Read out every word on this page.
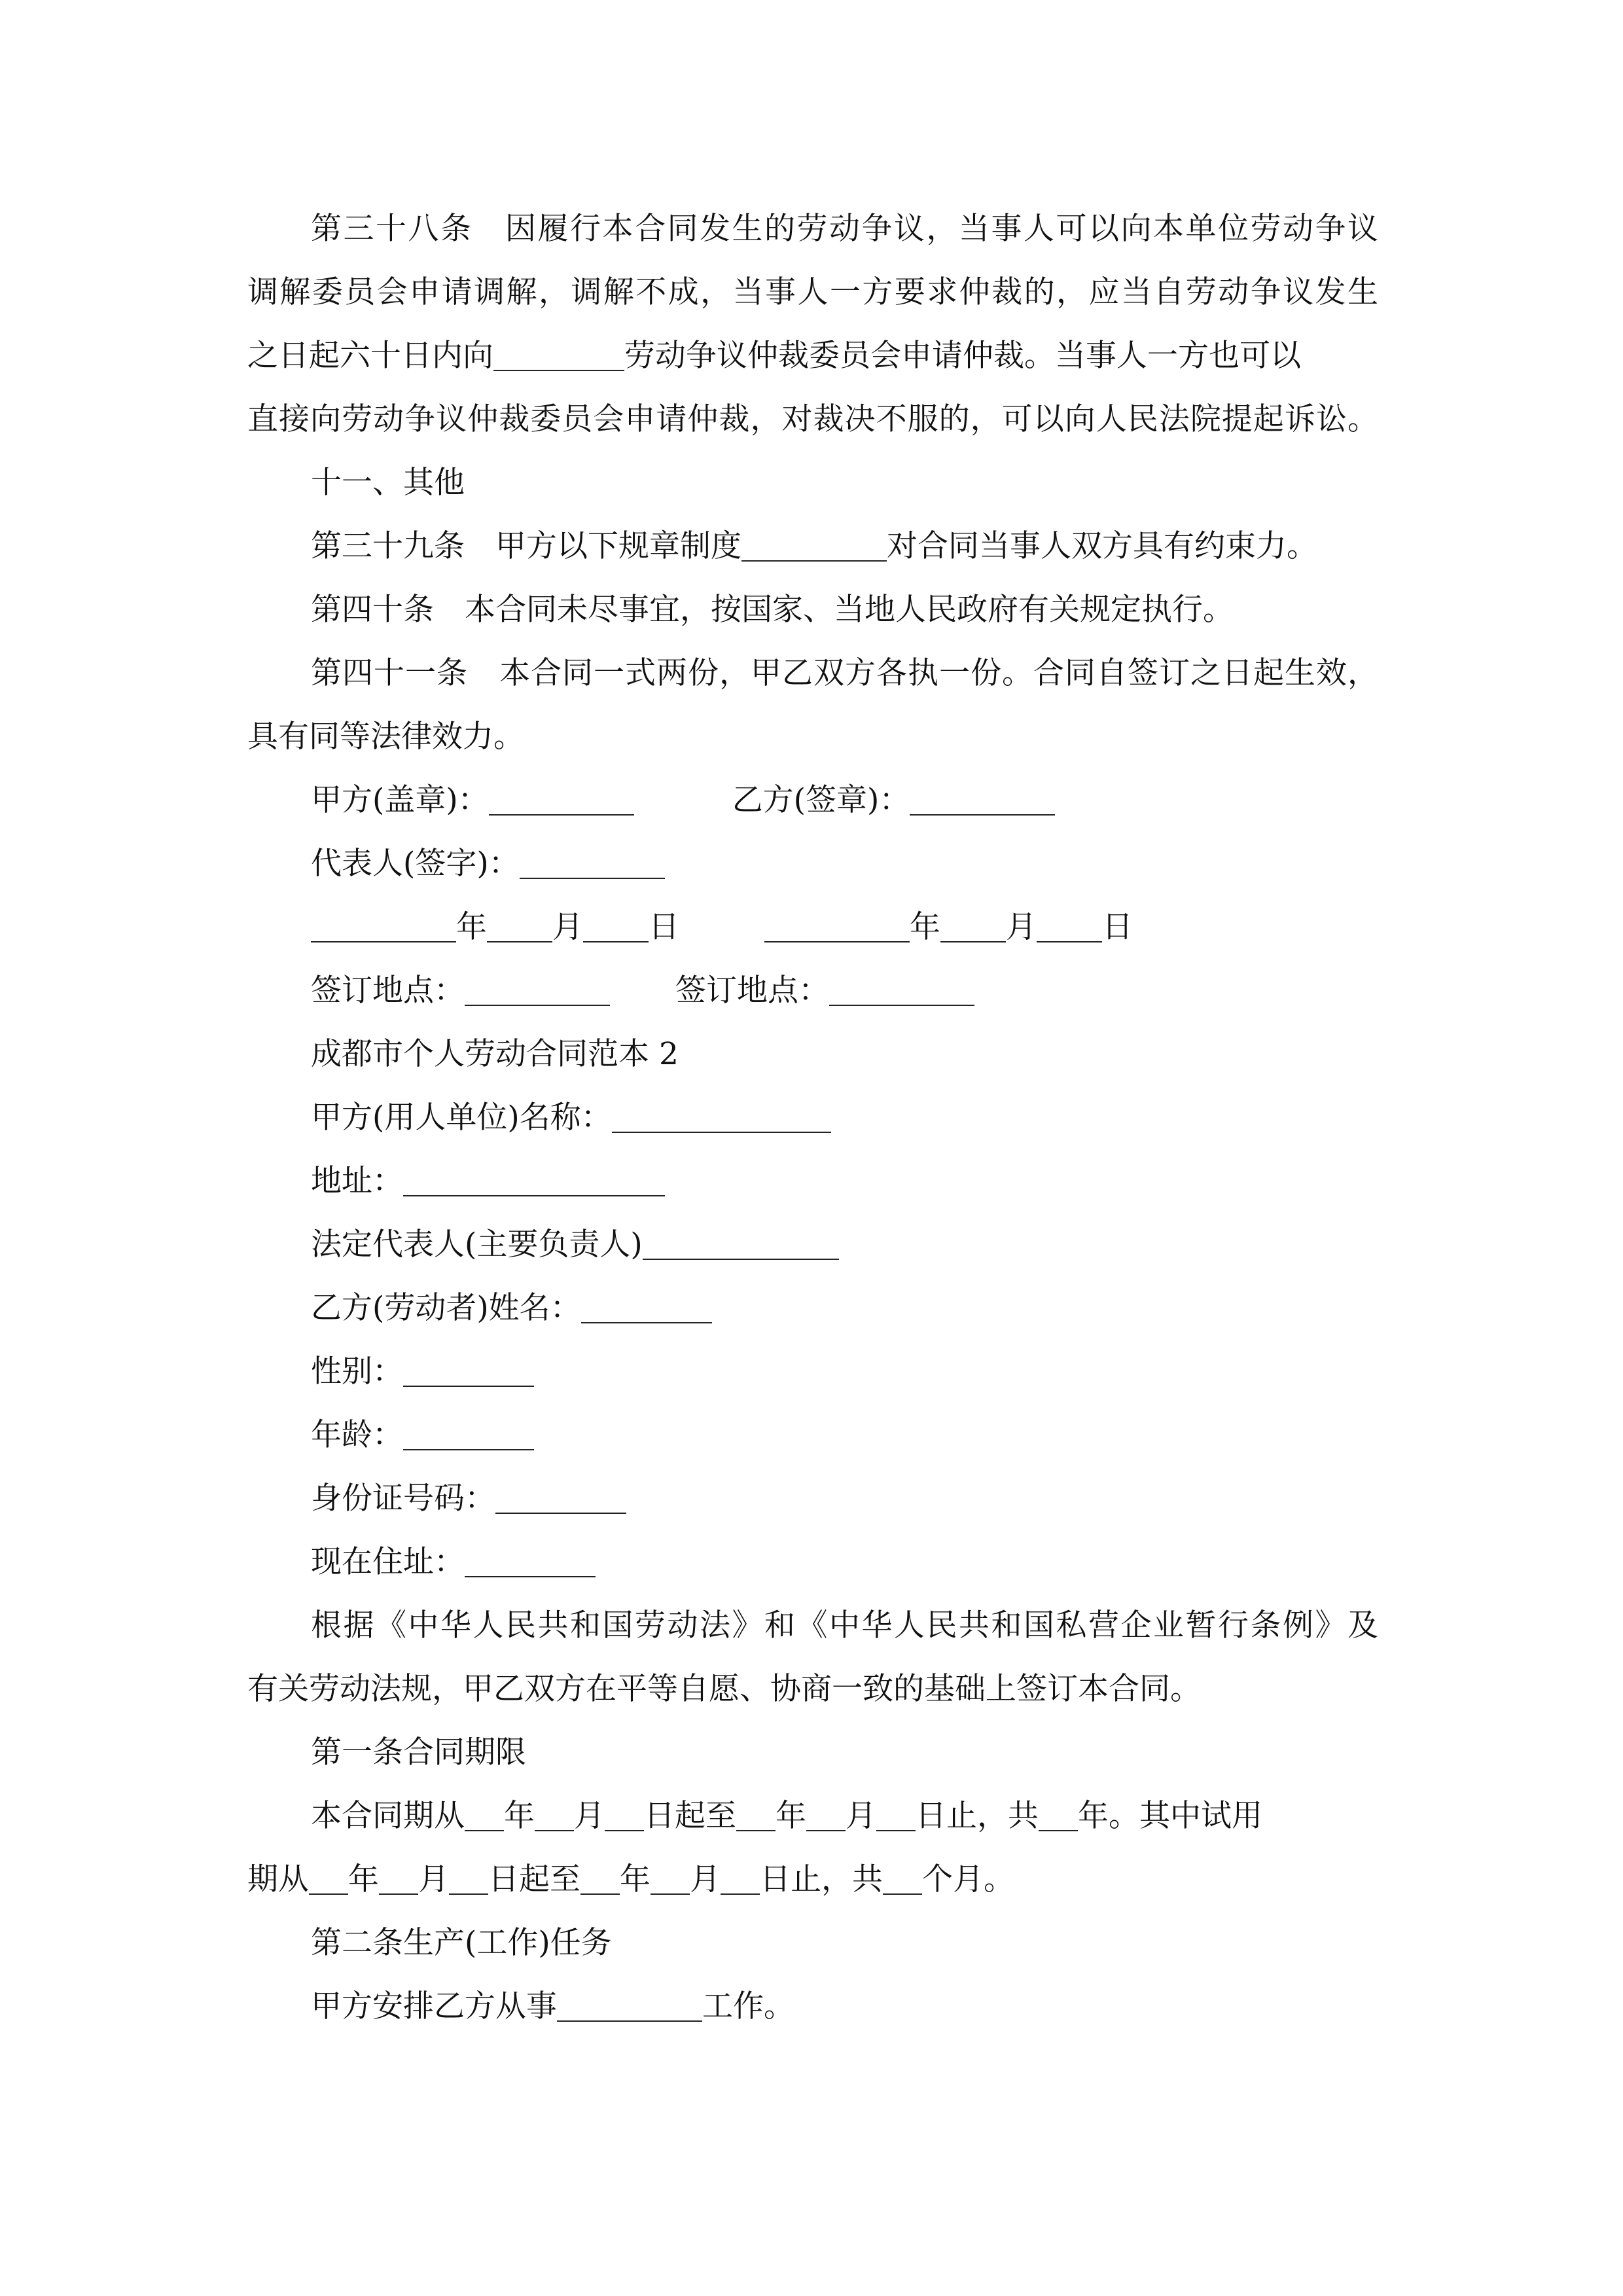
第三十八条　因履行本合同发生的劳动争议，当事人可以向本单位劳动争议
调解委员会申请调解，调解不成，当事人一方要求仲裁的，应当自劳动争议发生
之日起六十日内向	劳动争议仲裁委员会申请仲裁。当事人一方也可以
直接向劳动争议仲裁委员会申请仲裁，对裁决不服的，可以向人民法院提起诉讼。
十一、其他
第三十九条　甲方以下规章制度	对合同当事人双方具有约束力。
第四十条　本合同未尽事宜，按国家、当地人民政府有关规定执行。
第四十一条　本合同一式两份，甲乙双方各执一份。合同自签订之日起生效，
具有同等法律效力。
甲方(盖章)：	乙方(签章)：
代表人(签字)：
年 月 日	年 月 日
签订地点：	签订地点：
成都市个人劳动合同范本 2
甲方(用人单位)名称：
地址：
法定代表人(主要负责人)
乙方(劳动者)姓名：
性别：
年龄：
身份证号码：
现在住址：
根据《中华人民共和国劳动法》和《中华人民共和国私营企业暂行条例》及
有关劳动法规，甲乙双方在平等自愿、协商一致的基础上签订本合同。
第一条合同期限
本合同期从 年 月 日起至 年 月 日止，共 年。其中试用
期从 年 月 日起至 年 月 日止，共 个月。
第二条生产(工作)任务
甲方安排乙方从事	工作。
